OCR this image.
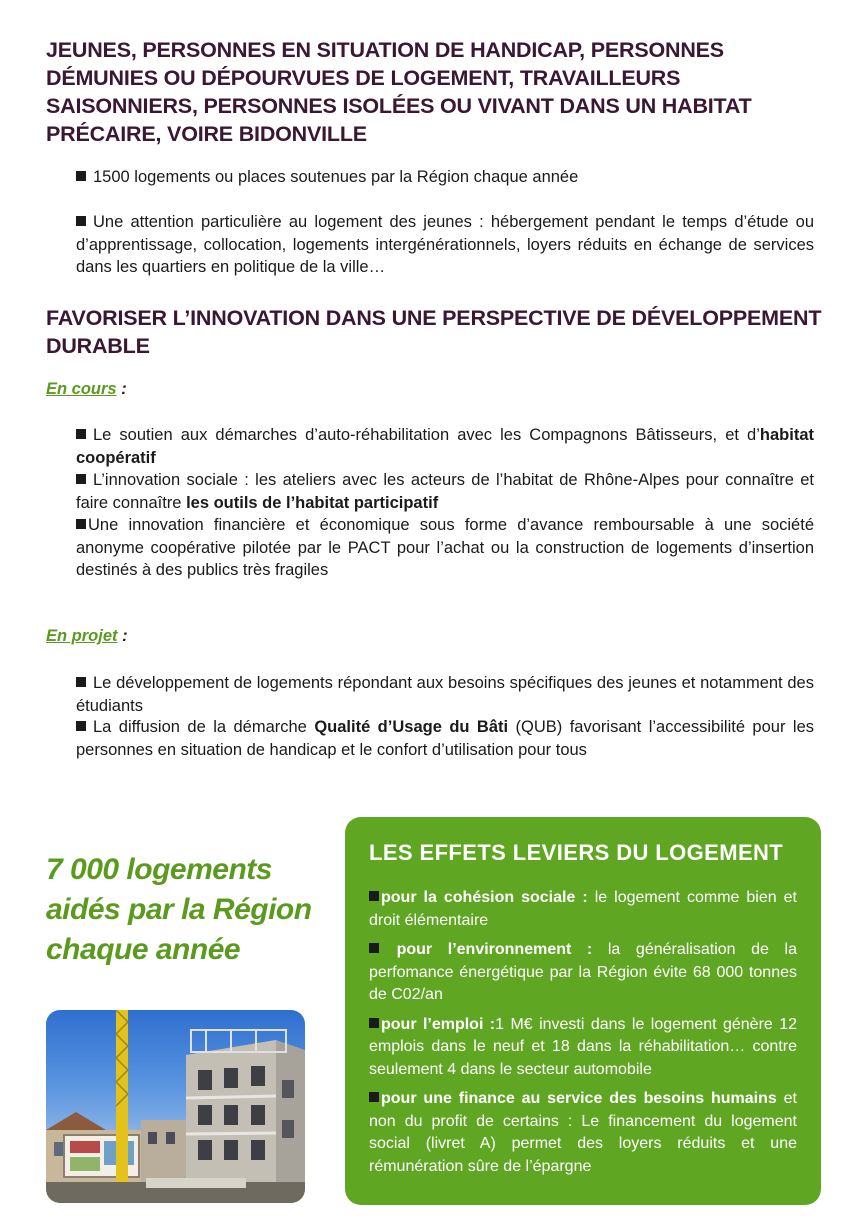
JEUNES, PERSONNES EN SITUATION DE HANDICAP, PERSONNES DÉMUNIES OU DÉPOURVUES DE LOGEMENT, TRAVAILLEURS SAISONNIERS, PERSONNES ISOLÉES OU VIVANT DANS UN HABITAT PRÉCAIRE, VOIRE BIDONVILLE

1500 logements ou places soutenues par la Région chaque année

Une attention particulière au logement des jeunes : hébergement pendant le temps d’étude ou d’apprentissage, collocation, logements intergénérationnels, loyers réduits en échange de services dans les quartiers en politique de la ville…

FAVORISER L’INNOVATION DANS UNE PERSPECTIVE DE DÉVELOPPEMENT DURABLE
En cours :

Le soutien aux démarches d’auto-réhabilitation avec les Compagnons Bâtisseurs, et d’habitat coopératif

L’innovation sociale : les ateliers avec les acteurs de l’habitat de Rhône-Alpes pour connaître et faire connaître les outils de l’habitat participatif

Une innovation financière et économique sous forme d’avance remboursable à une société anonyme coopérative pilotée par le PACT pour l’achat ou la construction de logements d’insertion destinés à des publics très fragiles

En projet :

Le développement de logements répondant aux besoins spécifiques des jeunes et notamment des étudiants

La diffusion de la démarche Qualité d’Usage du Bâti (QUB) favorisant l’accessibilité pour les personnes en situation de handicap et le confort d’utilisation pour tous

7 000 logements
aidés par la Région
chaque année
LES EFFETS LEVIERS DU LOGEMENT
pour la cohésion sociale : le logement comme bien et droit élémentaire
pour l’environnement : la généralisation de la perfomance énergétique par la Région évite 68 000 tonnes de C02/an
pour l’emploi :1 M€ investi dans le logement génère 12 emplois dans le neuf et 18 dans la réhabilitation… contre seulement 4 dans le secteur automobile
pour une finance au service des besoins humains et non du profit de certains : Le financement du logement social (livret A) permet des loyers réduits et une rémunération sûre de l’épargne
